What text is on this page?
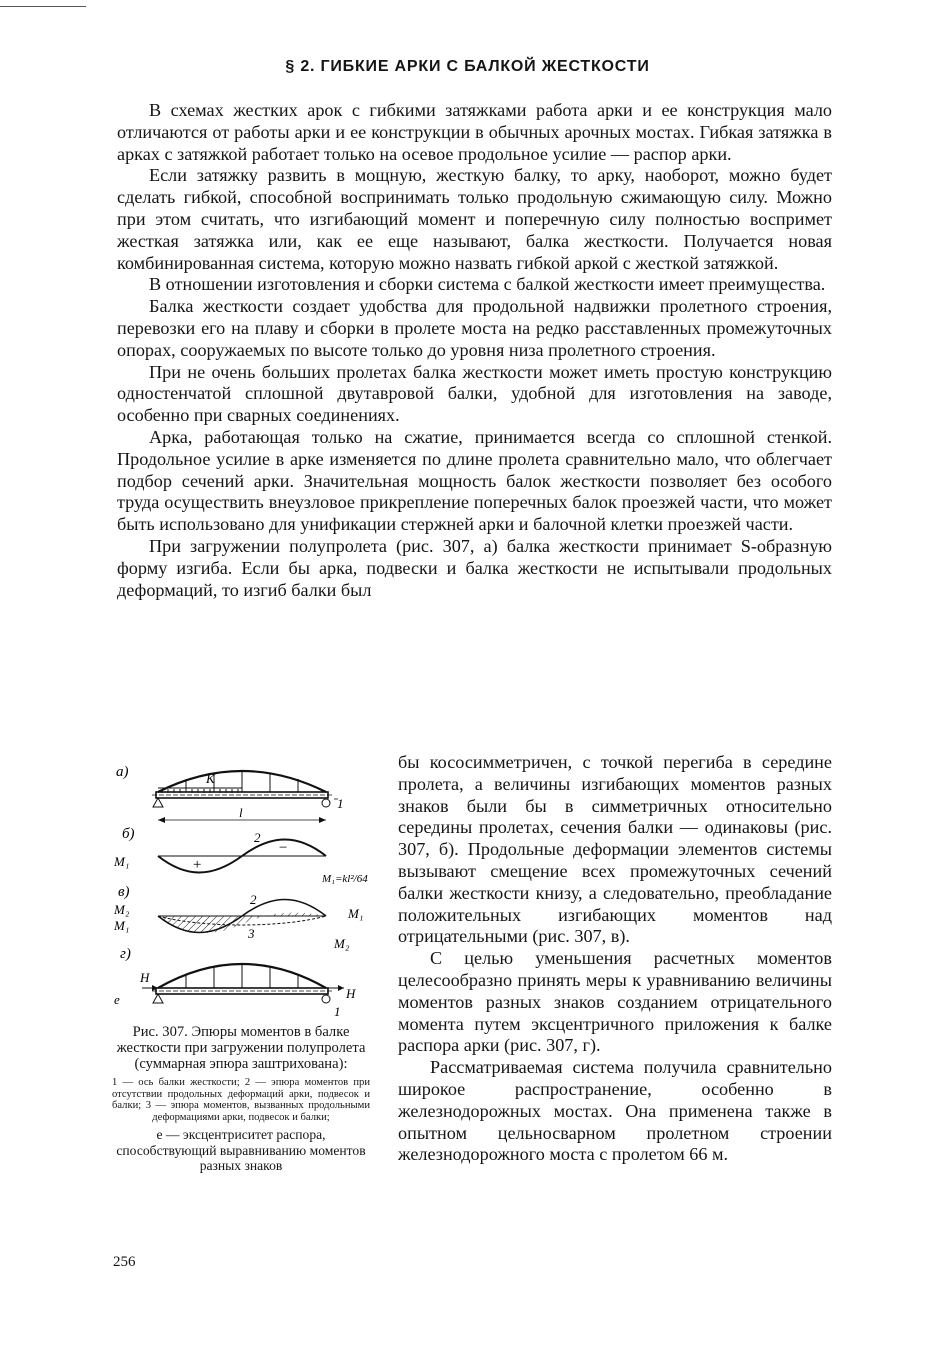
§ 2. ГИБКИЕ АРКИ С БАЛКОЙ ЖЕСТКОСТИ

В схемах жестких арок с гибкими затяжками работа арки и ее конструкция мало отличаются от работы арки и ее конструкции в обычных арочных мостах. Гибкая затяжка в арках с затяжкой работает только на осевое продольное усилие — распор арки.

Если затяжку развить в мощную, жесткую балку, то арку, наоборот, можно будет сделать гибкой, способной воспринимать только продольную сжимающую силу. Можно при этом считать, что изгибающий момент и поперечную силу полностью воспримет жесткая затяжка или, как ее еще называют, балка жесткости. Получается новая комбинированная система, которую можно назвать гибкой аркой с жесткой затяжкой.

В отношении изготовления и сборки система с балкой жесткости имеет преимущества.

Балка жесткости создает удобства для продольной надвижки пролетного строения, перевозки его на плаву и сборки в пролете моста на редко расставленных промежуточных опорах, сооружаемых по высоте только до уровня низа пролетного строения.

При не очень больших пролетах балка жесткости может иметь простую конструкцию одностенчатой сплошной двутавровой балки, удобной для изготовления на заводе, особенно при сварных соединениях.

Арка, работающая только на сжатие, принимается всегда со сплошной стенкой. Продольное усилие в арке изменяется по длине пролета сравнительно мало, что облегчает подбор сечений арки. Значительная мощность балок жесткости позволяет без особого труда осуществить внеузловое прикрепление поперечных балок проезжей части, что может быть использовано для унификации стержней арки и балочной клетки проезжей части.

При загружении полупролета (рис. 307, а) балка жесткости принимает S-образную форму изгиба. Если бы арка, подвески и балка жесткости не испытывали продольных деформаций, то изгиб балки был

а)	K
1
l
б)
+
−
2
M₁
M₁=kl²/64
в)	2
3
M₂
M₁
M₁
M₂
г)
H
H
е
1

Рис. 307. Эпюры моментов в балке жесткости при загружении полупролета (суммарная эпюра заштрихована):

1 — ось балки жесткости; 2 — эпюра моментов при отсутствии продольных деформаций арки, подвесок и балки; 3 — эпюра моментов, вызванных продольными деформациями арки, подвесок и балки;

е — эксцентриситет распора, способствующий выравниванию моментов разных знаков

бы кососимметричен, с точкой перегиба в середине пролета, а величины изгибающих моментов разных знаков были бы в симметричных относительно середины пролетах, сечения балки — одинаковы (рис. 307, б). Продольные деформации элементов системы вызывают смещение всех промежуточных сечений балки жесткости книзу, а следовательно, преобладание положительных изгибающих моментов над отрицательными (рис. 307, в).

С целью уменьшения расчетных моментов целесообразно принять меры к уравниванию величины моментов разных знаков созданием отрицательного момента путем эксцентричного приложения к балке распора арки (рис. 307, г).

Рассматриваемая система получила сравнительно широкое распространение, особенно в железнодорожных мостах. Она применена также в опытном цельносварном пролетном строении железнодорожного моста с пролетом 66 м.

256
